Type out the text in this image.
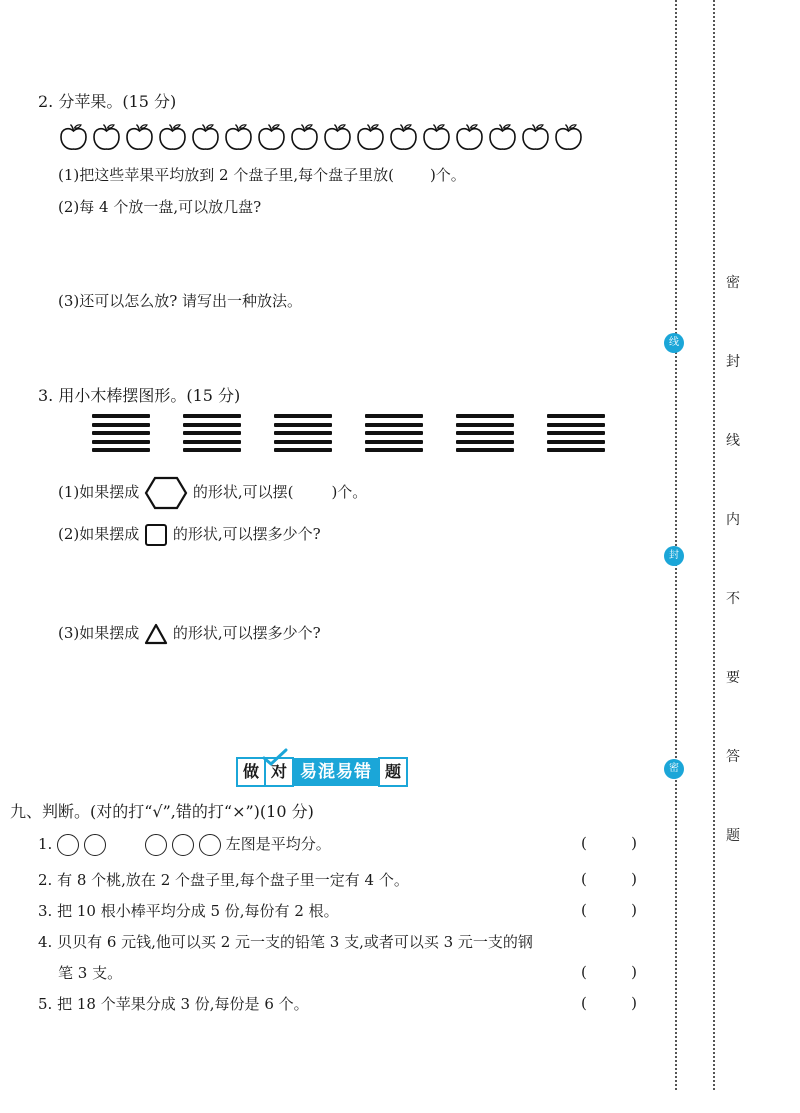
2. 分苹果。(15 分)
(1)把这些苹果平均放到 2 个盘子里,每个盘子里放( )个。
(2)每 4 个放一盘,可以放几盘?
(3)还可以怎么放? 请写出一种放法。
3. 用小木棒摆图形。(15 分)
(1)如果摆成	的形状,可以摆(	)个。
(2)如果摆成 的形状,可以摆多少个?
(3)如果摆成 的形状,可以摆多少个?
做 对 易混易错 题
九、判断。(对的打“√”,错的打“×”)(10 分)
1.	左图是平均分。	(	)
2. 有 8 个桃,放在 2 个盘子里,每个盘子里一定有 4 个。	(	)
3. 把 10 根小棒平均分成 5 份,每份有 2 根。	(	)
4. 贝贝有 6 元钱,他可以买 2 元一支的铅笔 3 支,或者可以买 3 元一支的钢
笔 3 支。	(	)
5. 把 18 个苹果分成 3 份,每份是 6 个。	(	)
线
封
密
密
封
线
内
不
要
答
题
